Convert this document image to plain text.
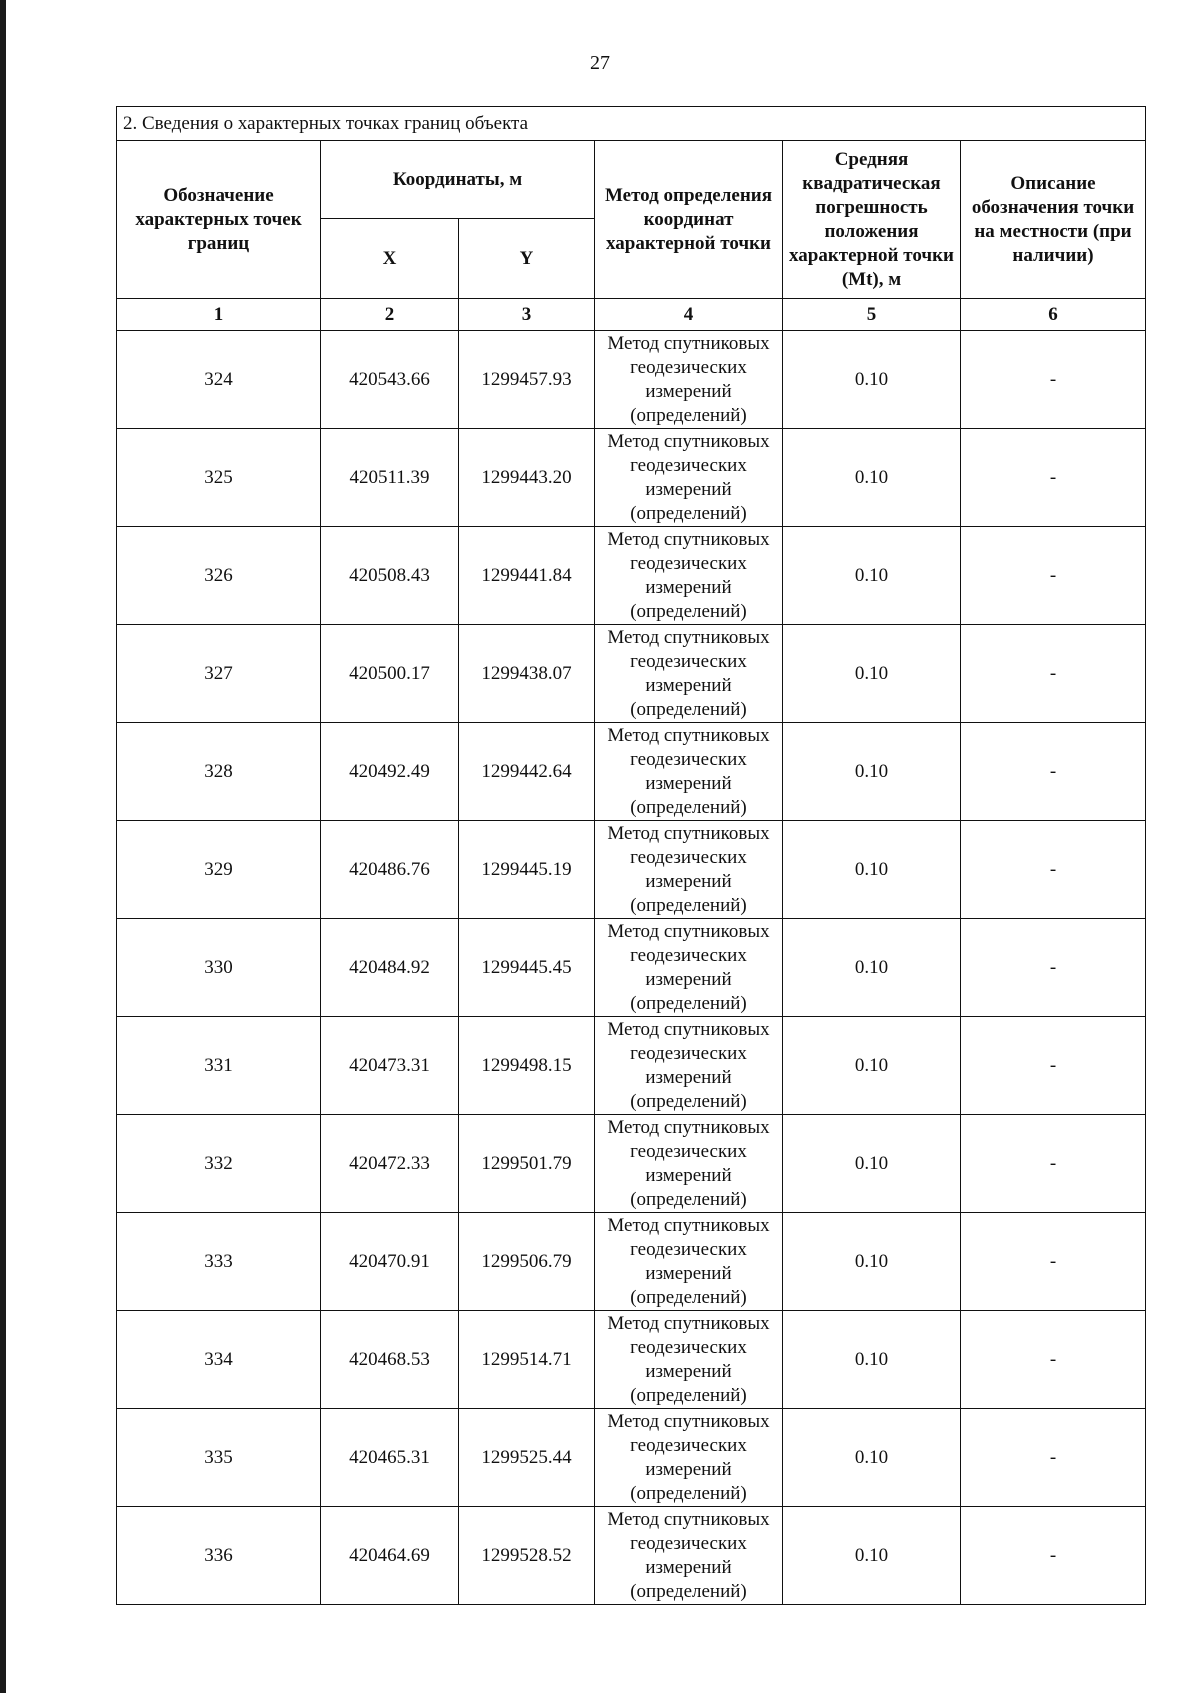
27
2. Сведения о характерных точках границ объекта					
Обозначение характерных точек границ	Координаты, м		Метод определения координат характерной точки	Средняя квадратическая погрешность положения характерной точки (Mt), м	Описание обозначения точки на местности (при наличии)
	X	Y			
1	2	3	4	5	6
324	420543.66	1299457.93	Метод спутниковых геодезических измерений (определений)	0.10	-
325	420511.39	1299443.20	Метод спутниковых геодезических измерений (определений)	0.10	-
326	420508.43	1299441.84	Метод спутниковых геодезических измерений (определений)	0.10	-
327	420500.17	1299438.07	Метод спутниковых геодезических измерений (определений)	0.10	-
328	420492.49	1299442.64	Метод спутниковых геодезических измерений (определений)	0.10	-
329	420486.76	1299445.19	Метод спутниковых геодезических измерений (определений)	0.10	-
330	420484.92	1299445.45	Метод спутниковых геодезических измерений (определений)	0.10	-
331	420473.31	1299498.15	Метод спутниковых геодезических измерений (определений)	0.10	-
332	420472.33	1299501.79	Метод спутниковых геодезических измерений (определений)	0.10	-
333	420470.91	1299506.79	Метод спутниковых геодезических измерений (определений)	0.10	-
334	420468.53	1299514.71	Метод спутниковых геодезических измерений (определений)	0.10	-
335	420465.31	1299525.44	Метод спутниковых геодезических измерений (определений)	0.10	-
336	420464.69	1299528.52	Метод спутниковых геодезических измерений (определений)	0.10	-
